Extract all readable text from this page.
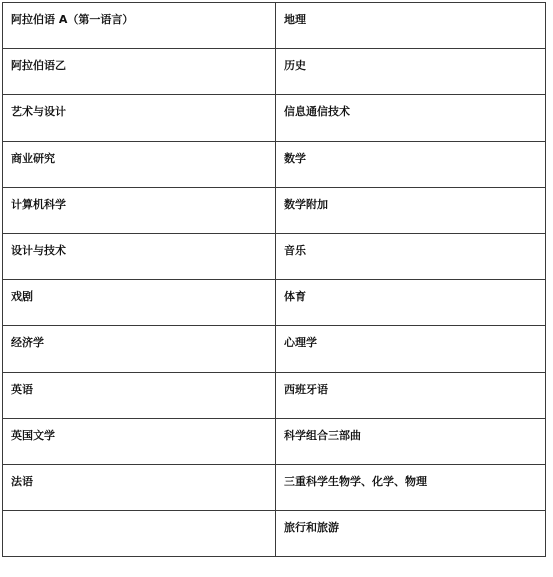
阿拉伯语 A（第一语言）	地理

阿拉伯语乙	历史

艺术与设计	信息通信技术

商业研究	数学

计算机科学	数学附加

设计与技术	音乐

戏剧	体育

经济学	心理学

英语	西班牙语

英国文学	科学组合三部曲

法语	三重科学生物学、化学、物理

	旅行和旅游
